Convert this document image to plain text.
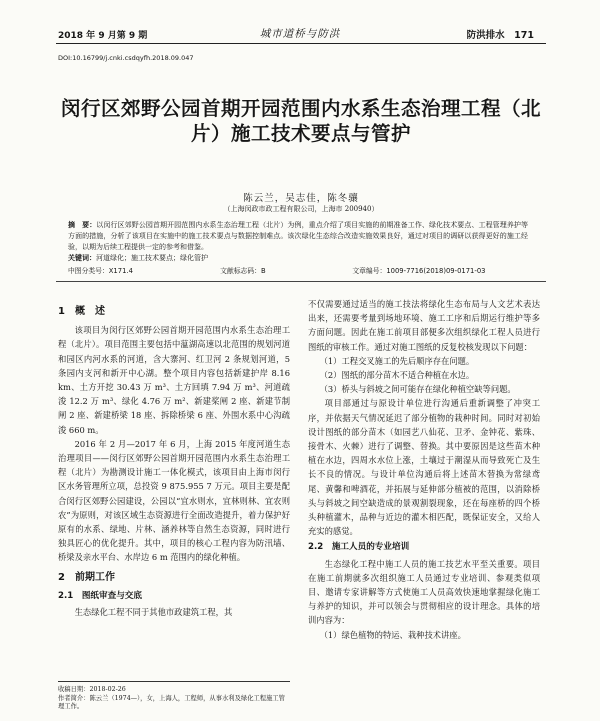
2018 年 9 月第 9 期	城市道桥与防洪	防洪排水　171
DOI:10.16799/j.cnki.csdqyfh.2018.09.047
闵行区郊野公园首期开园范围内水系生态治理工程（北片）施工技术要点与管护
陈云兰，吴志佳，陈冬骧
（上海闵政市政工程有限公司，上海市 200940）
摘　要：以闵行区郊野公园首期开园范围内水系生态治理工程（北片）为例，重点介绍了项目实施的前期准备工作、绿化技术要点、工程管理养护等方面的措施，分析了该项目在实施中的施工技术要点与数据控制难点。该次绿化生态综合改造实施效果良好，通过对项目的调研以获得更好的施工经验，以期为后续工程提供一定的参考和借鉴。
关键词：河道绿化；施工技术要点；绿化管护
中图分类号：X171.4	文献标志码：B	文章编号：1009-7716(2018)09-0171-03
1　概　述

该项目为闵行区郊野公园首期开园范围内水系生态治理工程（北片）。项目范围主要包括中蕰湖高速以北范围的规划河道和园区内河水系的河道，含大寨河、红卫河 2 条规划河道，5 条园内支河和新开中心湖。整个项目内容包括新建护岸 8.16 km、土方开挖 30.43 万 m³、土方回填 7.94 万 m³、河道疏浚 12.2 万 m³、绿化 4.76 万 m²、新建桨闸 2 座、新建节制闸 2 座、新建桥梁 18 座、拆除桥梁 6 座、外围水系中心沟疏浚 660 m。

2016 年 2 月—2017 年 6 月，上海 2015 年度河道生态治理项目——闵行区郊野公园首期开园范围内水系生态治理工程（北片）为勘测设计施工一体化模式，该项目由上海市闵行区水务管理所立项，总投资 9 875.955 7 万元。项目主要是配合闵行区郊野公园建设，公园以“宜水则水，宜林则林、宜农则农”为原则，对该区域生态资源进行全面改造提升，着力保护好原有的水系、绿地、片林、涵养林等自然生态资源，同时进行独具匠心的优化提升。其中，项目的核心工程内容为防汛墙、桥梁及亲水平台、水岸边 6 m 范围内的绿化种植。

2　前期工作
2.1　图纸审查与交底

生态绿化工程不同于其他市政建筑工程，其

不仅需要通过适当的施工技法将绿化生态布局与人文艺术表达出来，还需要考量到场地环境、施工工序和后期运行维护等多方面问题。因此在施工前项目部便多次组织绿化工程人员进行图纸的审核工作。通过对施工图纸的反复校核发现以下问题：

（1）工程交叉施工的先后顺序存在问题。

（2）图纸的部分苗木不适合种植在水边。

（3）桥头与斜坡之间可能存在绿化种植空缺等问题。

项目部通过与原设计单位进行沟通后重新调整了冲突工序，并依据天气情况延迟了部分植物的栽种时间。同时对初始设计图纸的部分苗木（如园艺八仙花、卫矛、金钟花、紫珠、接骨木、火棘）进行了调整、替换。其中要原因是这些苗木种植在水边，四周水水位上涨，土壤过于潮湿从而导致死亡及生长不良的情况。与设计单位沟通后将上述苗木替换为常绿鸢尾、黄馨和啤酒花，并拓展与延伸部分植被的范围，以消除桥头与斜坡之间空缺造成的景观割裂现象，还在每座桥的四个桥头种植灌木，品种与近边的灌木相匹配，既保证安全，又给人充实的感觉。

2.2　施工人员的专业培训

生态绿化工程中施工人员的施工技艺水平至关重要。项目在施工前期就多次组织施工人员通过专业培训、参观类似项目、邀请专家讲解等方式使施工人员高效快速地掌握绿化施工与养护的知识，并可以领会与贯彻相应的设计理念。具体的培训内容为：

（1）绿色植物的特运、栽种技术讲座。

收稿日期：2018-02-26
作者简介：陈云兰（1974—），女，上海人，工程师，从事水利及绿化工程施工管理工作。
